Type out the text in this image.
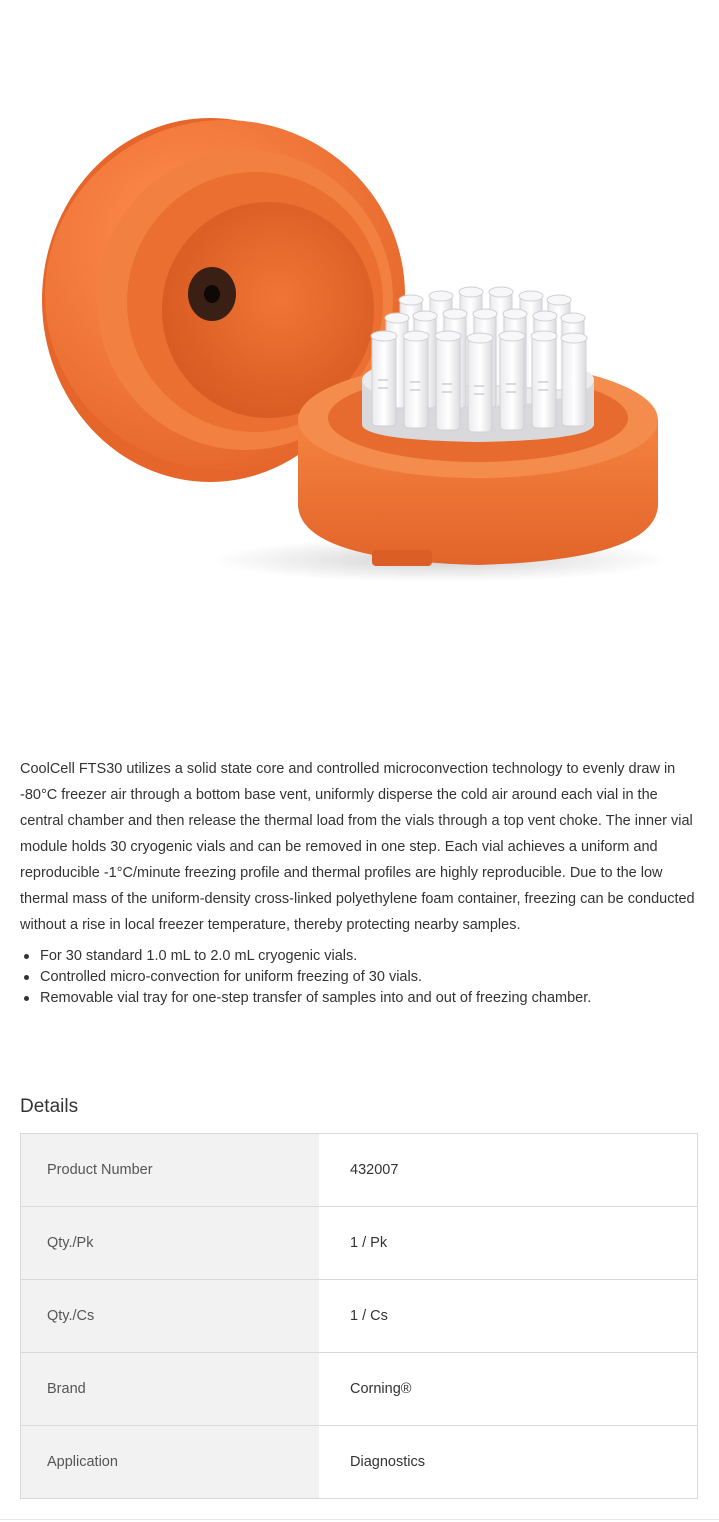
CoolCell FTS30 utilizes a solid state core and controlled microconvection technology to evenly draw in -80°C freezer air through a bottom base vent, uniformly disperse the cold air around each vial in the central chamber and then release the thermal load from the vials through a top vent choke. The inner vial module holds 30 cryogenic vials and can be removed in one step. Each vial achieves a uniform and reproducible -1°C/minute freezing profile and thermal profiles are highly reproducible. Due to the low thermal mass of the uniform-density cross-linked polyethylene foam container, freezing can be conducted without a rise in local freezer temperature, thereby protecting nearby samples.

For 30 standard 1.0 mL to 2.0 mL cryogenic vials.
Controlled micro-convection for uniform freezing of 30 vials.
Removable vial tray for one-step transfer of samples into and out of freezing chamber.
Details
Product Number	432007
Qty./Pk	1 / Pk
Qty./Cs	1 / Cs
Brand	Corning®
Application	Diagnostics
